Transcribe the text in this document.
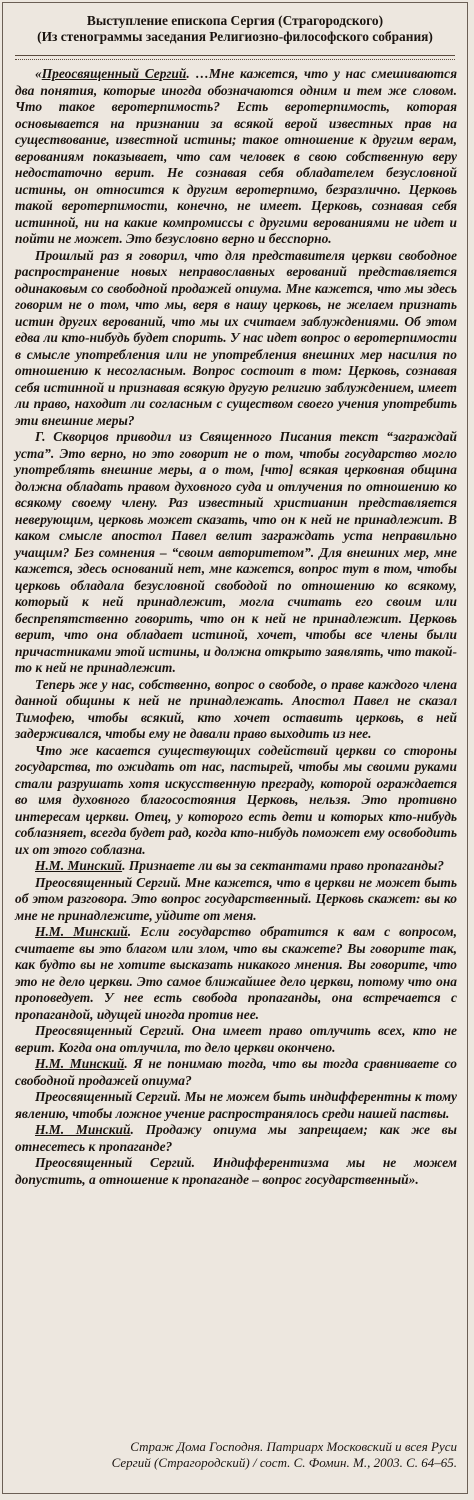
Выступление епископа Сергия (Страгородского)
(Из стенограммы заседания Религиозно-философского собрания)

«Преосвященный Сергий. …Мне кажется, что у нас смешиваются два понятия, которые иногда обозначаются одним и тем же словом. Что такое веротерпимость? Есть веротерпимость, которая основывается на признании за всякой верой известных прав на существование, известной истины; такое отношение к другим верам, верованиям показывает, что сам человек в свою собственную веру недостаточно верит. Не сознавая себя обладателем безусловной истины, он относится к другим веротерпимо, безразлично. Церковь такой веротерпимости, конечно, не имеет. Церковь, сознавая себя истинной, ни на какие компромиссы с другими верованиями не идет и пойти не может. Это безусловно верно и бесспорно.

Прошлый раз я говорил, что для представителя церкви свободное распространение новых неправославных верований представляется одинаковым со свободной продажей опиума. Мне кажется, что мы здесь говорим не о том, что мы, веря в нашу церковь, не желаем признать истин других верований, что мы их считаем заблуждениями. Об этом едва ли кто-нибудь будет спорить. У нас идет вопрос о веротерпимости в смысле употребления или не употребления внешних мер насилия по отношению к несогласным. Вопрос состоит в том: Церковь, сознавая себя истинной и признавая всякую другую религию заблуждением, имеет ли право, находит ли согласным с существом своего учения употребить эти внешние меры?

Г. Скворцов приводил из Священного Писания текст “заграждай уста”. Это верно, но это говорит не о том, чтобы государство могло употреблять внешние меры, а о том, [что] всякая церковная община должна обладать правом духовного суда и отлучения по отношению ко всякому своему члену. Раз известный христианин представляется неверующим, церковь может сказать, что он к ней не принадлежит. В каком смысле апостол Павел велит заграждать уста неправильно учащим? Без сомнения – “своим авторитетом”. Для внешних мер, мне кажется, здесь оснований нет, мне кажется, вопрос тут в том, чтобы церковь обладала безусловной свободой по отношению ко всякому, который к ней принадлежит, могла считать его своим или беспрепятственно говорить, что он к ней не принадлежит. Церковь верит, что она обладает истиной, хочет, чтобы все члены были причастниками этой истины, и должна открыто заявлять, что такой-то к ней не принадлежит.

Теперь же у нас, собственно, вопрос о свободе, о праве каждого члена данной общины к ней не принадлежать. Апостол Павел не сказал Тимофею, чтобы всякий, кто хочет оставить церковь, в ней задерживался, чтобы ему не давали право выходить из нее.

Что же касается существующих содействий церкви со стороны государства, то ожидать от нас, пастырей, чтобы мы своими руками стали разрушать хотя искусственную преграду, которой ограждается во имя духовного благосостояния Церковь, нельзя. Это противно интересам церкви. Отец, у которого есть дети и которых кто-нибудь соблазняет, всегда будет рад, когда кто-нибудь поможет ему освободить их от этого соблазна.

Н.М. Минский. Признаете ли вы за сектантами право пропаганды?

Преосвященный Сергий. Мне кажется, что в церкви не может быть об этом разговора. Это вопрос государственный. Церковь скажет: вы ко мне не принадлежите, уйдите от меня.

Н.М. Минский. Если государство обратится к вам с вопросом, считаете вы это благом или злом, что вы скажете? Вы говорите так, как будто вы не хотите высказать никакого мнения. Вы говорите, что это не дело церкви. Это самое ближайшее дело церкви, потому что она проповедует. У нее есть свобода пропаганды, она встречается с пропагандой, идущей иногда против нее.

Преосвященный Сергий. Она имеет право отлучить всех, кто не верит. Когда она отлучила, то дело церкви окончено.

Н.М. Минский. Я не понимаю тогда, что вы тогда сравниваете со свободной продажей опиума?

Преосвященный Сергий. Мы не можем быть индифферентны к тому явлению, чтобы ложное учение распространялось среди нашей паствы.

Н.М. Минский. Продажу опиума мы запрещаем; как же вы отнесетесь к пропаганде?

Преосвященный Сергий. Индифферентизма мы не можем допустить, а отношение к пропаганде – вопрос государственный».

Страж Дома Господня. Патриарх Московский и всея Руси
Сергий (Страгородский) / сост. С. Фомин. М., 2003. С. 64–65.
